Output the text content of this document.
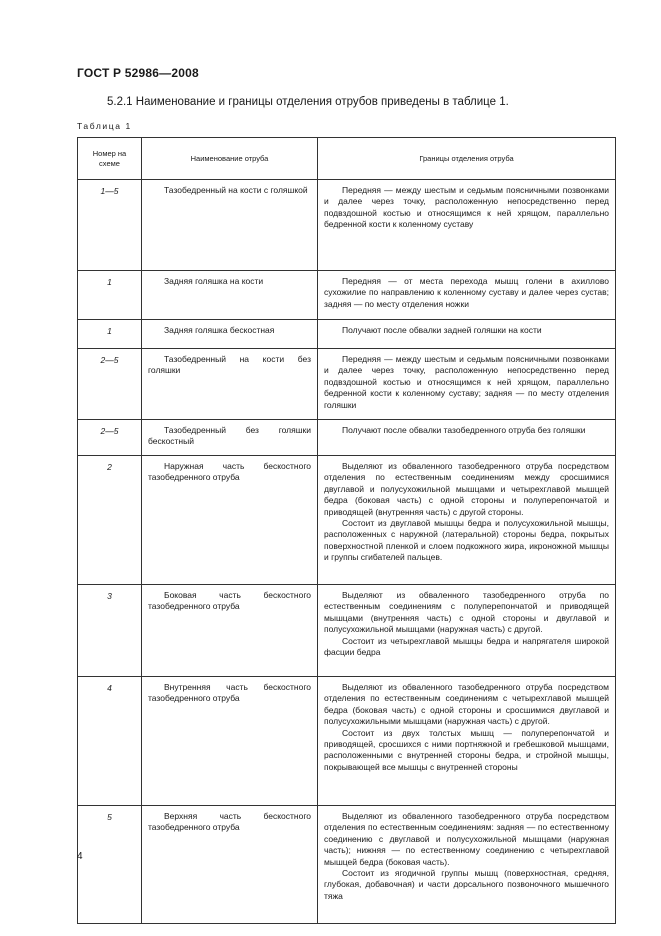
ГОСТ Р 52986—2008
5.2.1 Наименование и границы отделения отрубов приведены в таблице 1.
Таблица 1
Номер на схеме	Наименование отруба	Границы отделения отруба
1—5	Тазобедренный на кости с голяшкой	Передняя — между шестым и седьмым поясничными позвонками и далее через точку, расположенную непосредственно перед подвздошной костью и относящимся к ней хрящом, параллельно бедренной кости к коленному суставу

1	Задняя голяшка на кости	Передняя — от места перехода мышц голени в ахиллово сухожилие по направлению к коленному суставу и далее через сустав; задняя — по месту отделения ножки

1	Задняя голяшка бескостная	Получают после обвалки задней голяшки на кости

2—5	Тазобедренный на кости без голяшки	Передняя — между шестым и седьмым поясничными позвонками и далее через точку, расположенную непосредственно перед подвздошной костью и относящимся к ней хрящом, параллельно бедренной кости к коленному суставу; задняя — по месту отделения голяшки

2—5	Тазобедренный без голяшки бескостный	Получают после обвалки тазобедренного отруба без голяшки

2	Наружная часть бескостного тазобедренного отруба	Выделяют из обваленного тазобедренного отруба посредством отделения по естественным соединениям между сросшимися двуглавой и полусухожильной мышцами и четырехглавой мышцей бедра (боковая часть) с одной стороны и полуперепончатой и приводящей (внутренняя часть) с другой стороны.
Состоит из двуглавой мышцы бедра и полусухожильной мышцы, расположенных с наружной (латеральной) стороны бедра, покрытых поверхностной пленкой и слоем подкожного жира, икроножной мышцы и группы сгибателей пальцев.

3	Боковая часть бескостного тазобедренного отруба	Выделяют из обваленного тазобедренного отруба по естественным соединениям с полуперепончатой и приводящей мышцами (внутренняя часть) с одной стороны и двуглавой и полусухожильной мышцами (наружная часть) с другой.
Состоит из четырехглавой мышцы бедра и напрягателя широкой фасции бедра

4	Внутренняя часть бескостного тазобедренного отруба	Выделяют из обваленного тазобедренного отруба посредством отделения по естественным соединениям с четырехглавой мышцей бедра (боковая часть) с одной стороны и сросшимися двуглавой и полусухожильными мышцами (наружная часть) с другой.
Состоит из двух толстых мышц — полуперепончатой и приводящей, сросшихся с ними портняжной и гребешковой мышцами, расположенными с внутренней стороны бедра, и стройной мышцы, покрывающей все мышцы с внутренней стороны

5	Верхняя часть бескостного тазобедренного отруба	Выделяют из обваленного тазобедренного отруба посредством отделения по естественным соединениям: задняя — по естественному соединению с двуглавой и полусухожильной мышцами (наружная часть); нижняя — по естественному соединению с четырехглавой мышцей бедра (боковая часть).
Состоит из ягодичной группы мышц (поверхностная, средняя, глубокая, добавочная) и части дорсального позвоночного мышечного тяжа
4
